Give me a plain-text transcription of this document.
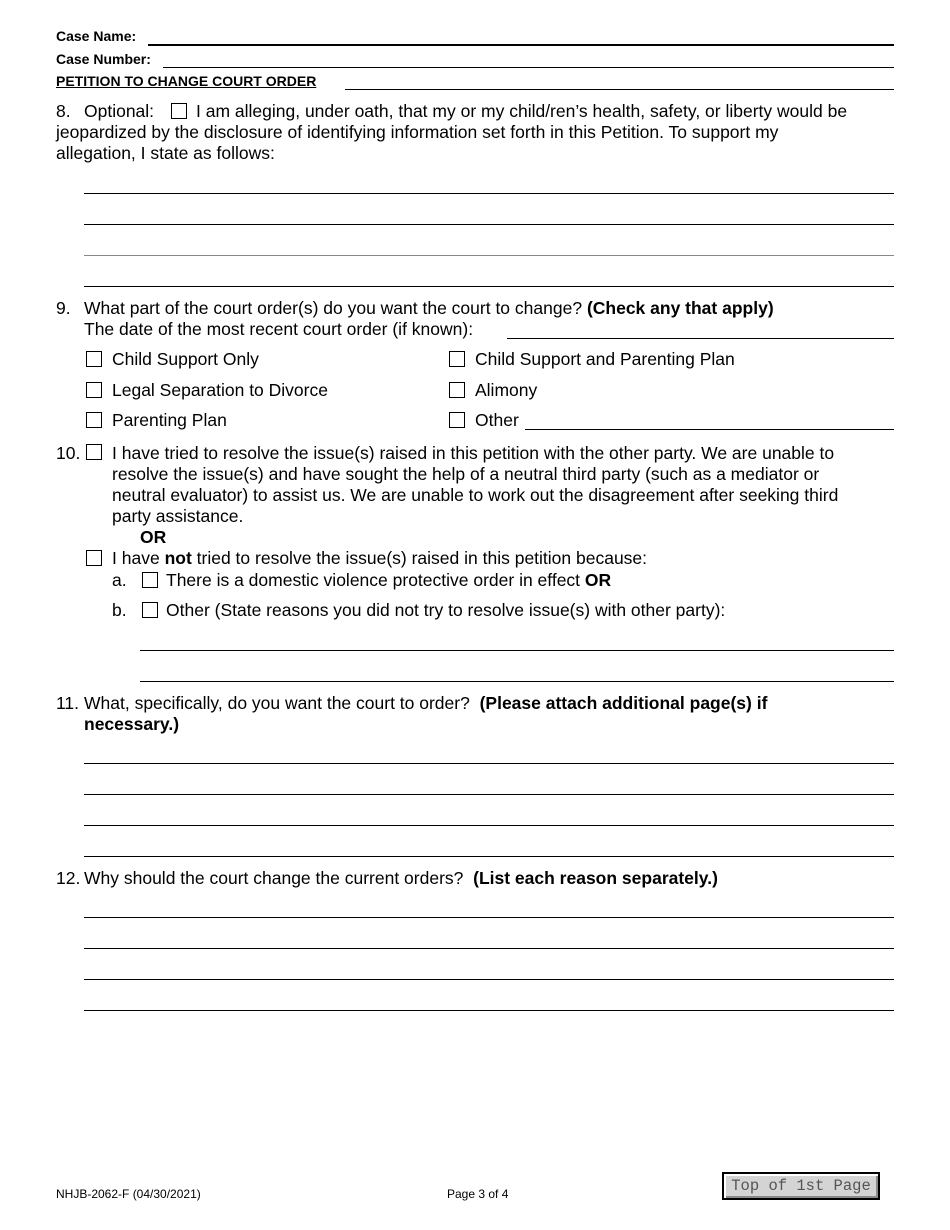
Case Name:
Case Number:
PETITION TO CHANGE COURT ORDER
8. Optional: I am alleging, under oath, that my or my child/ren’s health, safety, or liberty would be
jeopardized by the disclosure of identifying information set forth in this Petition. To support my
allegation, I state as follows:
9. What part of the court order(s) do you want the court to change? (Check any that apply)
The date of the most recent court order (if known):
Child Support Only	Child Support and Parenting Plan
Legal Separation to Divorce	Alimony
Parenting Plan	Other
10. I have tried to resolve the issue(s) raised in this petition with the other party. We are unable to
resolve the issue(s) and have sought the help of a neutral third party (such as a mediator or
neutral evaluator) to assist us. We are unable to work out the disagreement after seeking third
party assistance.
OR
I have not tried to resolve the issue(s) raised in this petition because:
a. There is a domestic violence protective order in effect OR
b. Other (State reasons you did not try to resolve issue(s) with other party):
11. What, specifically, do you want the court to order? (Please attach additional page(s) if
necessary.)
12. Why should the court change the current orders? (List each reason separately.)
NHJB-2062-F (04/30/2021)	Page 3 of 4	Top of 1st Page
